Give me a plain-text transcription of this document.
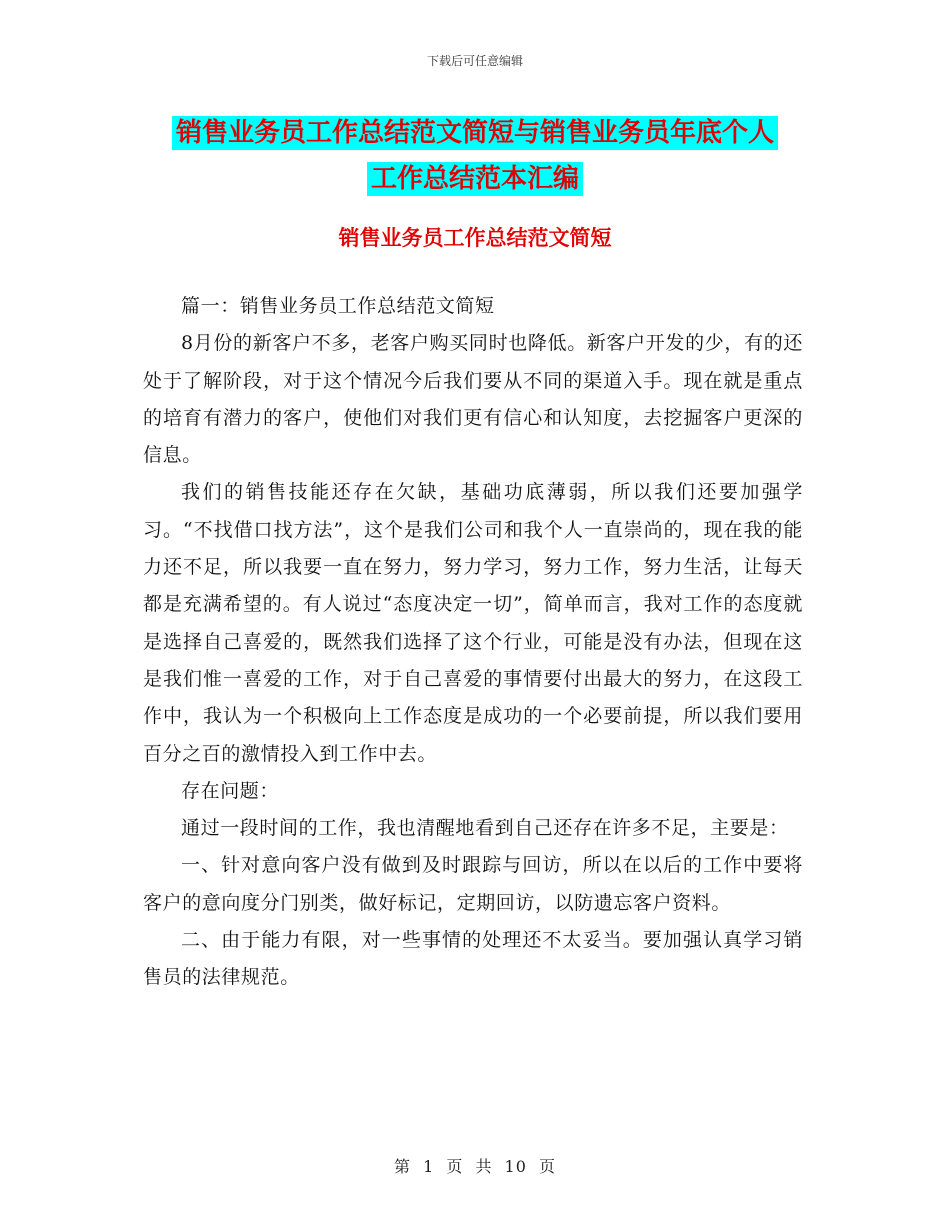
下载后可任意编辑
销售业务员工作总结范文简短与销售业务员年底个人
工作总结范本汇编
销售业务员工作总结范文简短

篇一：销售业务员工作总结范文简短

8月份的新客户不多，老客户购买同时也降低。新客户开发的少，有的还处于了解阶段，对于这个情况今后我们要从不同的渠道入手。现在就是重点的培育有潜力的客户，使他们对我们更有信心和认知度，去挖掘客户更深的信息。

我们的销售技能还存在欠缺，基础功底薄弱，所以我们还要加强学习。“不找借口找方法”，这个是我们公司和我个人一直崇尚的，现在我的能力还不足，所以我要一直在努力，努力学习，努力工作，努力生活，让每天都是充满希望的。有人说过“态度决定一切”，简单而言，我对工作的态度就是选择自己喜爱的，既然我们选择了这个行业，可能是没有办法，但现在这是我们惟一喜爱的工作，对于自己喜爱的事情要付出最大的努力，在这段工作中，我认为一个积极向上工作态度是成功的一个必要前提，所以我们要用百分之百的激情投入到工作中去。

存在问题：

通过一段时间的工作，我也清醒地看到自己还存在许多不足，主要是：

一、针对意向客户没有做到及时跟踪与回访，所以在以后的工作中要将客户的意向度分门别类，做好标记，定期回访，以防遗忘客户资料。

二、由于能力有限，对一些事情的处理还不太妥当。要加强认真学习销售员的法律规范。

第 1 页 共 10 页
